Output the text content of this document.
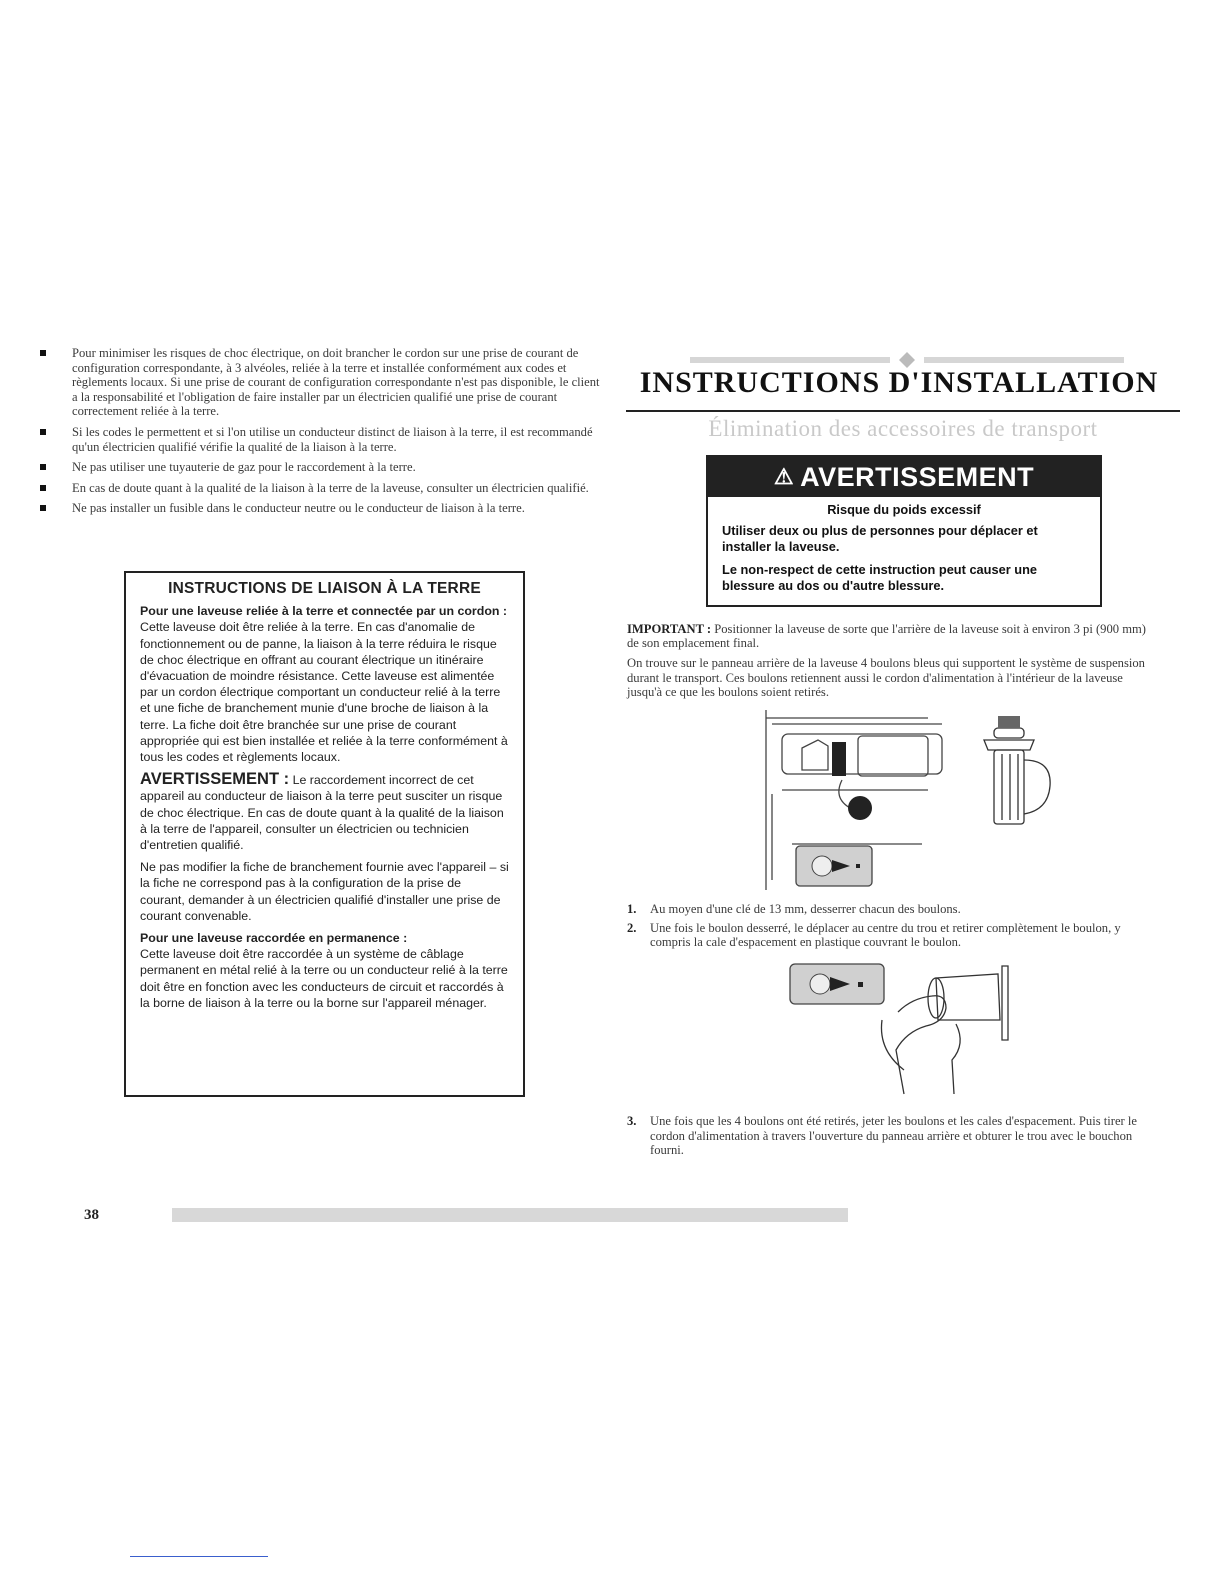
Pour minimiser les risques de choc électrique, on doit brancher le cordon sur une prise de courant de configuration correspondante, à 3 alvéoles, reliée à la terre et installée conformément aux codes et règlements locaux. Si une prise de courant de configuration correspondante n'est pas disponible, le client a la responsabilité et l'obligation de faire installer par un électricien qualifié une prise de courant correctement reliée à la terre.
Si les codes le permettent et si l'on utilise un conducteur distinct de liaison à la terre, il est recommandé qu'un électricien qualifié vérifie la qualité de la liaison à la terre.
Ne pas utiliser une tuyauterie de gaz pour le raccordement à la terre.
En cas de doute quant à la qualité de la liaison à la terre de la laveuse, consulter un électricien qualifié.
Ne pas installer un fusible dans le conducteur neutre ou le conducteur de liaison à la terre.
INSTRUCTIONS DE LIAISON À LA TERRE

Pour une laveuse reliée à la terre et connectée par un cordon :

Cette laveuse doit être reliée à la terre. En cas d'anomalie de fonctionnement ou de panne, la liaison à la terre réduira le risque de choc électrique en offrant au courant électrique un itinéraire d'évacuation de moindre résistance. Cette laveuse est alimentée par un cordon électrique comportant un conducteur relié à la terre et une fiche de branchement munie d'une broche de liaison à la terre. La fiche doit être branchée sur une prise de courant appropriée qui est bien installée et reliée à la terre conformément à tous les codes et règlements locaux.

AVERTISSEMENT : Le raccordement incorrect de cet appareil au conducteur de liaison à la terre peut susciter un risque de choc électrique. En cas de doute quant à la qualité de la liaison à la terre de l'appareil, consulter un électricien ou technicien d'entretien qualifié.

Ne pas modifier la fiche de branchement fournie avec l'appareil – si la fiche ne correspond pas à la configuration de la prise de courant, demander à un électricien qualifié d'installer une prise de courant convenable.

Pour une laveuse raccordée en permanence :

Cette laveuse doit être raccordée à un système de câblage permanent en métal relié à la terre ou un conducteur relié à la terre doit être en fonction avec les conducteurs de circuit et raccordés à la borne de liaison à la terre ou la borne sur l'appareil ménager.

INSTRUCTIONS D'INSTALLATION
Élimination des accessoires de transport
⚠ AVERTISSEMENT

Risque du poids excessif

Utiliser deux ou plus de personnes pour déplacer et installer la laveuse.

Le non-respect de cette instruction peut causer une blessure au dos ou d'autre blessure.

IMPORTANT : Positionner la laveuse de sorte que l'arrière de la laveuse soit à environ 3 pi (900 mm) de son emplacement final.

On trouve sur le panneau arrière de la laveuse 4 boulons bleus qui supportent le système de suspension durant le transport. Ces boulons retiennent aussi le cordon d'alimentation à l'intérieur de la laveuse jusqu'à ce que les boulons soient retirés.

1. Au moyen d'une clé de 13 mm, desserrer chacun des boulons.
2. Une fois le boulon desserré, le déplacer au centre du trou et retirer complètement le boulon, y compris la cale d'espacement en plastique couvrant le boulon.
3. Une fois que les 4 boulons ont été retirés, jeter les boulons et les cales d'espacement. Puis tirer le cordon d'alimentation à travers l'ouverture du panneau arrière et obturer le trou avec le bouchon fourni.
38
